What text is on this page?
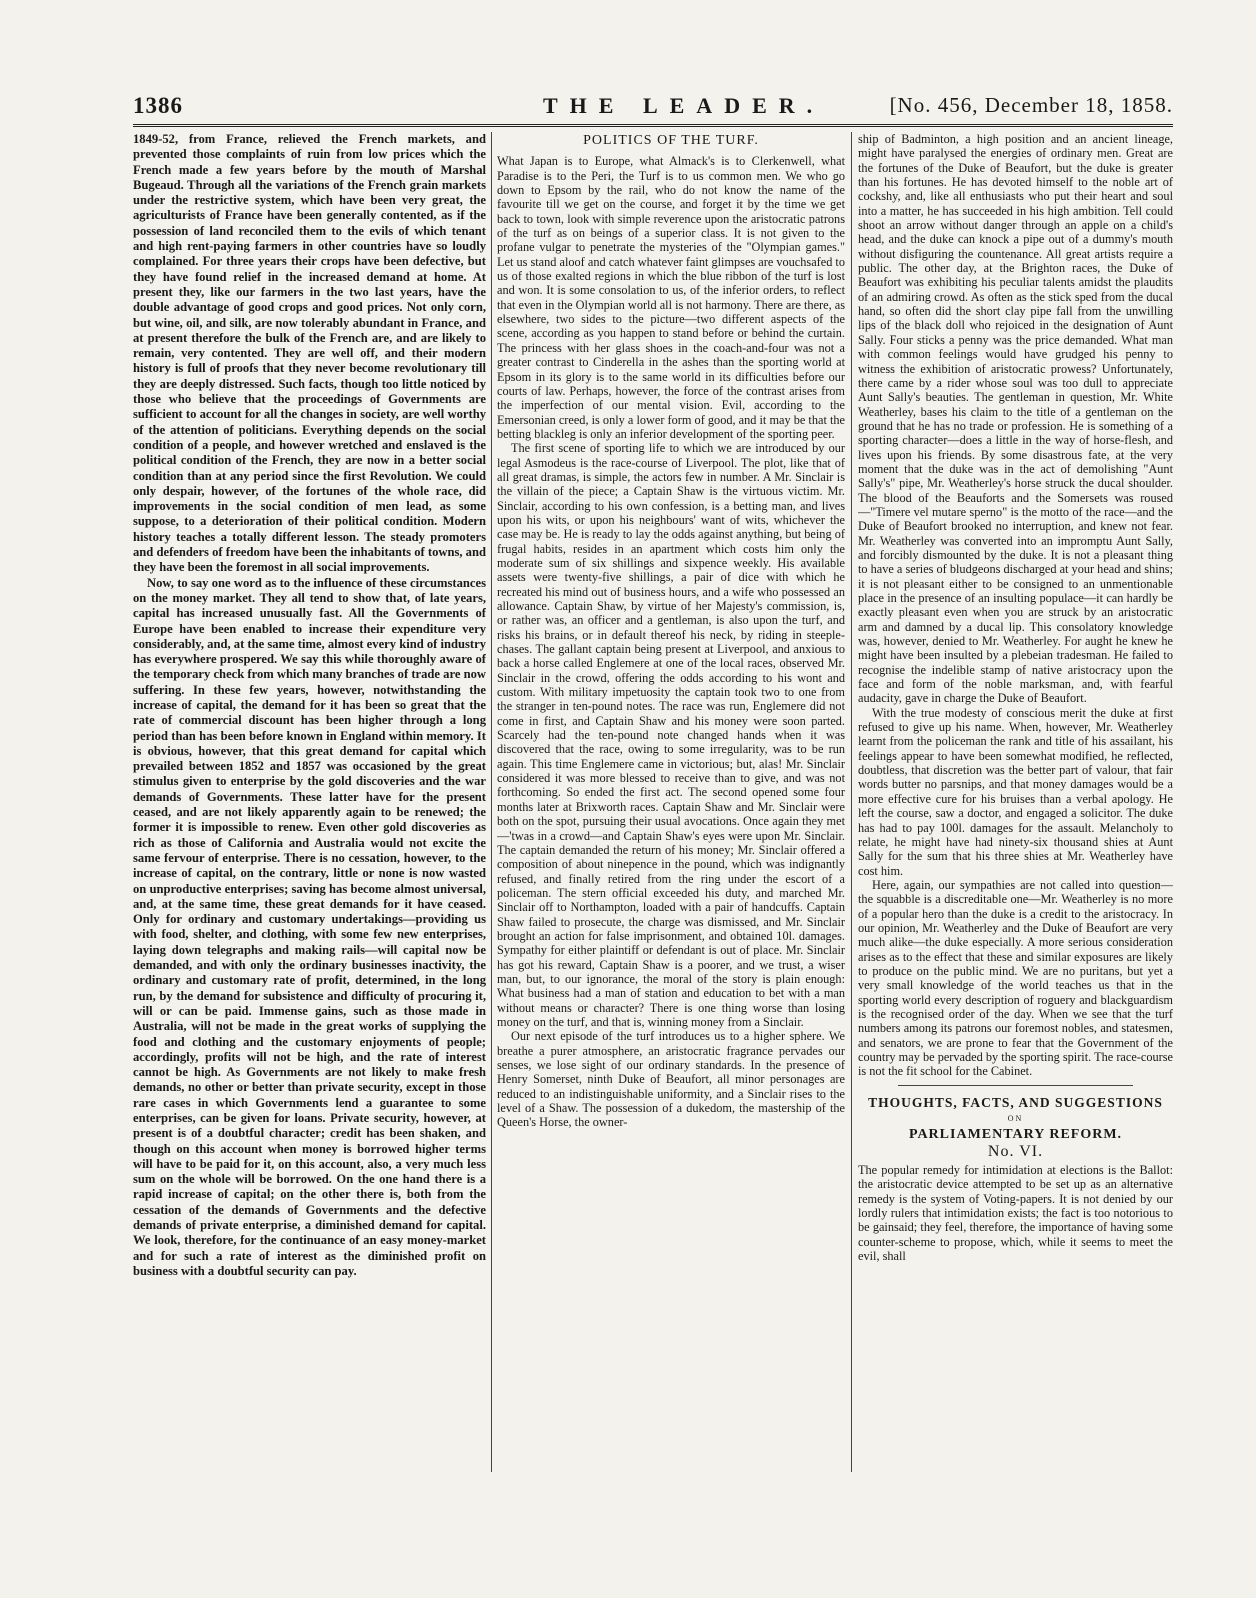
1386	THE LEADER.	[No. 456, December 18, 1858.

1849-52, from France, relieved the French markets, and prevented those complaints of ruin from low prices which the French made a few years before by the mouth of Marshal Bugeaud. Through all the variations of the French grain markets under the restrictive system, which have been very great, the agriculturists of France have been generally contented, as if the possession of land reconciled them to the evils of which tenant and high rent-paying farmers in other countries have so loudly complained. For three years their crops have been defective, but they have found relief in the increased demand at home. At present they, like our farmers in the two last years, have the double advantage of good crops and good prices. Not only corn, but wine, oil, and silk, are now tolerably abundant in France, and at present therefore the bulk of the French are, and are likely to remain, very contented. They are well off, and their modern history is full of proofs that they never become revolutionary till they are deeply distressed. Such facts, though too little noticed by those who believe that the proceedings of Governments are sufficient to account for all the changes in society, are well worthy of the attention of politicians. Everything depends on the social condition of a people, and however wretched and enslaved is the political condition of the French, they are now in a better social condition than at any period since the first Revolution. We could only despair, however, of the fortunes of the whole race, did improvements in the social condition of men lead, as some suppose, to a deterioration of their political condition. Modern history teaches a totally different lesson. The steady promoters and defenders of freedom have been the inhabitants of towns, and they have been the foremost in all social improvements.

Now, to say one word as to the influence of these circumstances on the money market. They all tend to show that, of late years, capital has increased unusually fast. All the Governments of Europe have been enabled to increase their expenditure very considerably, and, at the same time, almost every kind of industry has everywhere prospered. We say this while thoroughly aware of the temporary check from which many branches of trade are now suffering. In these few years, however, notwithstanding the increase of capital, the demand for it has been so great that the rate of commercial discount has been higher through a long period than has been before known in England within memory. It is obvious, however, that this great demand for capital which prevailed between 1852 and 1857 was occasioned by the great stimulus given to enterprise by the gold discoveries and the war demands of Governments. These latter have for the present ceased, and are not likely apparently again to be renewed; the former it is impossible to renew. Even other gold discoveries as rich as those of California and Australia would not excite the same fervour of enterprise. There is no cessation, however, to the increase of capital, on the contrary, little or none is now wasted on unproductive enterprises; saving has become almost universal, and, at the same time, these great demands for it have ceased. Only for ordinary and customary undertakings—providing us with food, shelter, and clothing, with some few new enterprises, laying down telegraphs and making rails—will capital now be demanded, and with only the ordinary businesses inactivity, the ordinary and customary rate of profit, determined, in the long run, by the demand for subsistence and difficulty of procuring it, will or can be paid. Immense gains, such as those made in Australia, will not be made in the great works of supplying the food and clothing and the customary enjoyments of people; accordingly, profits will not be high, and the rate of interest cannot be high. As Governments are not likely to make fresh demands, no other or better than private security, except in those rare cases in which Governments lend a guarantee to some enterprises, can be given for loans. Private security, however, at present is of a doubtful character; credit has been shaken, and though on this account when money is borrowed higher terms will have to be paid for it, on this account, also, a very much less sum on the whole will be borrowed. On the one hand there is a rapid increase of capital; on the other there is, both from the cessation of the demands of Governments and the defective demands of private enterprise, a diminished demand for capital. We look, therefore, for the continuance of an easy money-market and for such a rate of interest as the diminished profit on business with a doubtful security can pay.

POLITICS OF THE TURF.

What Japan is to Europe, what Almack's is to Clerkenwell, what Paradise is to the Peri, the Turf is to us common men. We who go down to Epsom by the rail, who do not know the name of the favourite till we get on the course, and forget it by the time we get back to town, look with simple reverence upon the aristocratic patrons of the turf as on beings of a superior class. It is not given to the profane vulgar to penetrate the mysteries of the "Olympian games." Let us stand aloof and catch whatever faint glimpses are vouchsafed to us of those exalted regions in which the blue ribbon of the turf is lost and won. It is some consolation to us, of the inferior orders, to reflect that even in the Olympian world all is not harmony. There are there, as elsewhere, two sides to the picture—two different aspects of the scene, according as you happen to stand before or behind the curtain. The princess with her glass shoes in the coach-and-four was not a greater contrast to Cinderella in the ashes than the sporting world at Epsom in its glory is to the same world in its difficulties before our courts of law. Perhaps, however, the force of the contrast arises from the imperfection of our mental vision. Evil, according to the Emersonian creed, is only a lower form of good, and it may be that the betting blackleg is only an inferior development of the sporting peer.

The first scene of sporting life to which we are introduced by our legal Asmodeus is the race-course of Liverpool. The plot, like that of all great dramas, is simple, the actors few in number. A Mr. Sinclair is the villain of the piece; a Captain Shaw is the virtuous victim. Mr. Sinclair, according to his own confession, is a betting man, and lives upon his wits, or upon his neighbours' want of wits, whichever the case may be. He is ready to lay the odds against anything, but being of frugal habits, resides in an apartment which costs him only the moderate sum of six shillings and sixpence weekly. His available assets were twenty-five shillings, a pair of dice with which he recreated his mind out of business hours, and a wife who possessed an allowance. Captain Shaw, by virtue of her Majesty's commission, is, or rather was, an officer and a gentleman, is also upon the turf, and risks his brains, or in default thereof his neck, by riding in steeple-chases. The gallant captain being present at Liverpool, and anxious to back a horse called Englemere at one of the local races, observed Mr. Sinclair in the crowd, offering the odds according to his wont and custom. With military impetuosity the captain took two to one from the stranger in ten-pound notes. The race was run, Englemere did not come in first, and Captain Shaw and his money were soon parted. Scarcely had the ten-pound note changed hands when it was discovered that the race, owing to some irregularity, was to be run again. This time Englemere came in victorious; but, alas! Mr. Sinclair considered it was more blessed to receive than to give, and was not forthcoming. So ended the first act. The second opened some four months later at Brixworth races. Captain Shaw and Mr. Sinclair were both on the spot, pursuing their usual avocations. Once again they met—'twas in a crowd—and Captain Shaw's eyes were upon Mr. Sinclair. The captain demanded the return of his money; Mr. Sinclair offered a composition of about ninepence in the pound, which was indignantly refused, and finally retired from the ring under the escort of a policeman. The stern official exceeded his duty, and marched Mr. Sinclair off to Northampton, loaded with a pair of handcuffs. Captain Shaw failed to prosecute, the charge was dismissed, and Mr. Sinclair brought an action for false imprisonment, and obtained 10l. damages. Sympathy for either plaintiff or defendant is out of place. Mr. Sinclair has got his reward, Captain Shaw is a poorer, and we trust, a wiser man, but, to our ignorance, the moral of the story is plain enough: What business had a man of station and education to bet with a man without means or character? There is one thing worse than losing money on the turf, and that is, winning money from a Sinclair.

Our next episode of the turf introduces us to a higher sphere. We breathe a purer atmosphere, an aristocratic fragrance pervades our senses, we lose sight of our ordinary standards. In the presence of Henry Somerset, ninth Duke of Beaufort, all minor personages are reduced to an indistinguishable uniformity, and a Sinclair rises to the level of a Shaw. The possession of a dukedom, the mastership of the Queen's Horse, the owner-

ship of Badminton, a high position and an ancient lineage, might have paralysed the energies of ordinary men. Great are the fortunes of the Duke of Beaufort, but the duke is greater than his fortunes. He has devoted himself to the noble art of cockshy, and, like all enthusiasts who put their heart and soul into a matter, he has succeeded in his high ambition. Tell could shoot an arrow without danger through an apple on a child's head, and the duke can knock a pipe out of a dummy's mouth without disfiguring the countenance. All great artists require a public. The other day, at the Brighton races, the Duke of Beaufort was exhibiting his peculiar talents amidst the plaudits of an admiring crowd. As often as the stick sped from the ducal hand, so often did the short clay pipe fall from the unwilling lips of the black doll who rejoiced in the designation of Aunt Sally. Four sticks a penny was the price demanded. What man with common feelings would have grudged his penny to witness the exhibition of aristocratic prowess? Unfortunately, there came by a rider whose soul was too dull to appreciate Aunt Sally's beauties. The gentleman in question, Mr. White Weatherley, bases his claim to the title of a gentleman on the ground that he has no trade or profession. He is something of a sporting character—does a little in the way of horse-flesh, and lives upon his friends. By some disastrous fate, at the very moment that the duke was in the act of demolishing "Aunt Sally's" pipe, Mr. Weatherley's horse struck the ducal shoulder. The blood of the Beauforts and the Somersets was roused—"Timere vel mutare sperno" is the motto of the race—and the Duke of Beaufort brooked no interruption, and knew not fear. Mr. Weatherley was converted into an impromptu Aunt Sally, and forcibly dismounted by the duke. It is not a pleasant thing to have a series of bludgeons discharged at your head and shins; it is not pleasant either to be consigned to an unmentionable place in the presence of an insulting populace—it can hardly be exactly pleasant even when you are struck by an aristocratic arm and damned by a ducal lip. This consolatory knowledge was, however, denied to Mr. Weatherley. For aught he knew he might have been insulted by a plebeian tradesman. He failed to recognise the indelible stamp of native aristocracy upon the face and form of the noble marksman, and, with fearful audacity, gave in charge the Duke of Beaufort.

With the true modesty of conscious merit the duke at first refused to give up his name. When, however, Mr. Weatherley learnt from the policeman the rank and title of his assailant, his feelings appear to have been somewhat modified, he reflected, doubtless, that discretion was the better part of valour, that fair words butter no parsnips, and that money damages would be a more effective cure for his bruises than a verbal apology. He left the course, saw a doctor, and engaged a solicitor. The duke has had to pay 100l. damages for the assault. Melancholy to relate, he might have had ninety-six thousand shies at Aunt Sally for the sum that his three shies at Mr. Weatherley have cost him.

Here, again, our sympathies are not called into question—the squabble is a discreditable one—Mr. Weatherley is no more of a popular hero than the duke is a credit to the aristocracy. In our opinion, Mr. Weatherley and the Duke of Beaufort are very much alike—the duke especially. A more serious consideration arises as to the effect that these and similar exposures are likely to produce on the public mind. We are no puritans, but yet a very small knowledge of the world teaches us that in the sporting world every description of roguery and blackguardism is the recognised order of the day. When we see that the turf numbers among its patrons our foremost nobles, and statesmen, and senators, we are prone to fear that the Government of the country may be pervaded by the sporting spirit. The race-course is not the fit school for the Cabinet.

THOUGHTS, FACTS, AND SUGGESTIONS
ON
PARLIAMENTARY REFORM.
No. VI.

The popular remedy for intimidation at elections is the Ballot: the aristocratic device attempted to be set up as an alternative remedy is the system of Voting-papers. It is not denied by our lordly rulers that intimidation exists; the fact is too notorious to be gainsaid; they feel, therefore, the importance of having some counter-scheme to propose, which, while it seems to meet the evil, shall
